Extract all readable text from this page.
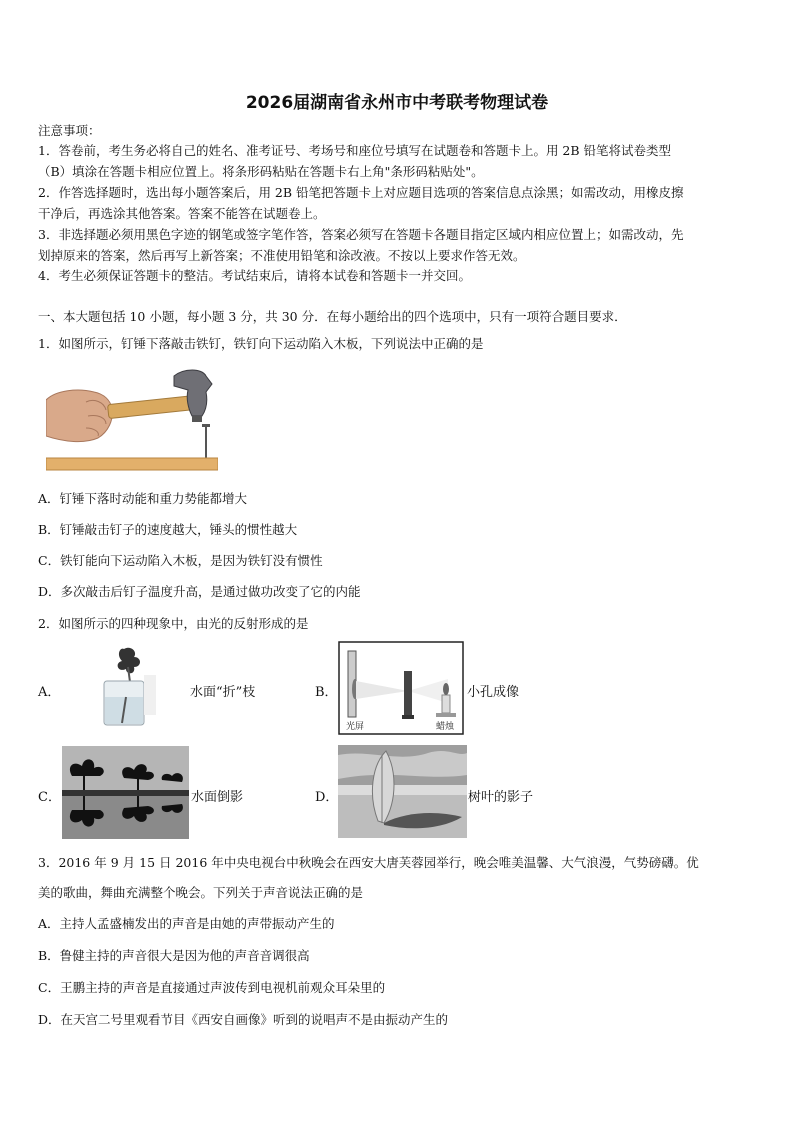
2026届湖南省永州市中考联考物理试卷
注意事项：
1．答卷前，考生务必将自己的姓名、准考证号、考场号和座位号填写在试题卷和答题卡上。用 2B 铅笔将试卷类型
（B）填涂在答题卡相应位置上。将条形码粘贴在答题卡右上角"条形码粘贴处"。
2．作答选择题时，选出每小题答案后，用 2B 铅笔把答题卡上对应题目选项的答案信息点涂黑；如需改动，用橡皮擦
干净后，再选涂其他答案。答案不能答在试题卷上。
3．非选择题必须用黑色字迹的钢笔或签字笔作答，答案必须写在答题卡各题目指定区域内相应位置上；如需改动，先
划掉原来的答案，然后再写上新答案；不准使用铅笔和涂改液。不按以上要求作答无效。
4．考生必须保证答题卡的整洁。考试结束后，请将本试卷和答题卡一并交回。
一、本大题包括 10 小题，每小题 3 分，共 30 分．在每小题给出的四个选项中，只有一项符合题目要求．
1．如图所示，钉锤下落敲击铁钉，铁钉向下运动陷入木板，下列说法中正确的是
A．钉锤下落时动能和重力势能都增大
B．钉锤敲击钉子的速度越大，锤头的惯性越大
C．铁钉能向下运动陷入木板，是因为铁钉没有惯性
D．多次敲击后钉子温度升高，是通过做功改变了它的内能
2．如图所示的四种现象中，由光的反射形成的是
A．	水面“折”枝	B．
光屏	蜡烛
小孔成像
C．	水面倒影	D．	树叶的影子
3．2016 年 9 月 15 日 2016 年中央电视台中秋晚会在西安大唐芙蓉园举行，晚会唯美温馨、大气浪漫，气势磅礴。优
美的歌曲，舞曲充满整个晚会。下列关于声音说法正确的是
A．主持人孟盛楠发出的声音是由她的声带振动产生的
B．鲁健主持的声音很大是因为他的声音音调很高
C．王鹏主持的声音是直接通过声波传到电视机前观众耳朵里的
D．在天宫二号里观看节目《西安自画像》听到的说唱声不是由振动产生的
